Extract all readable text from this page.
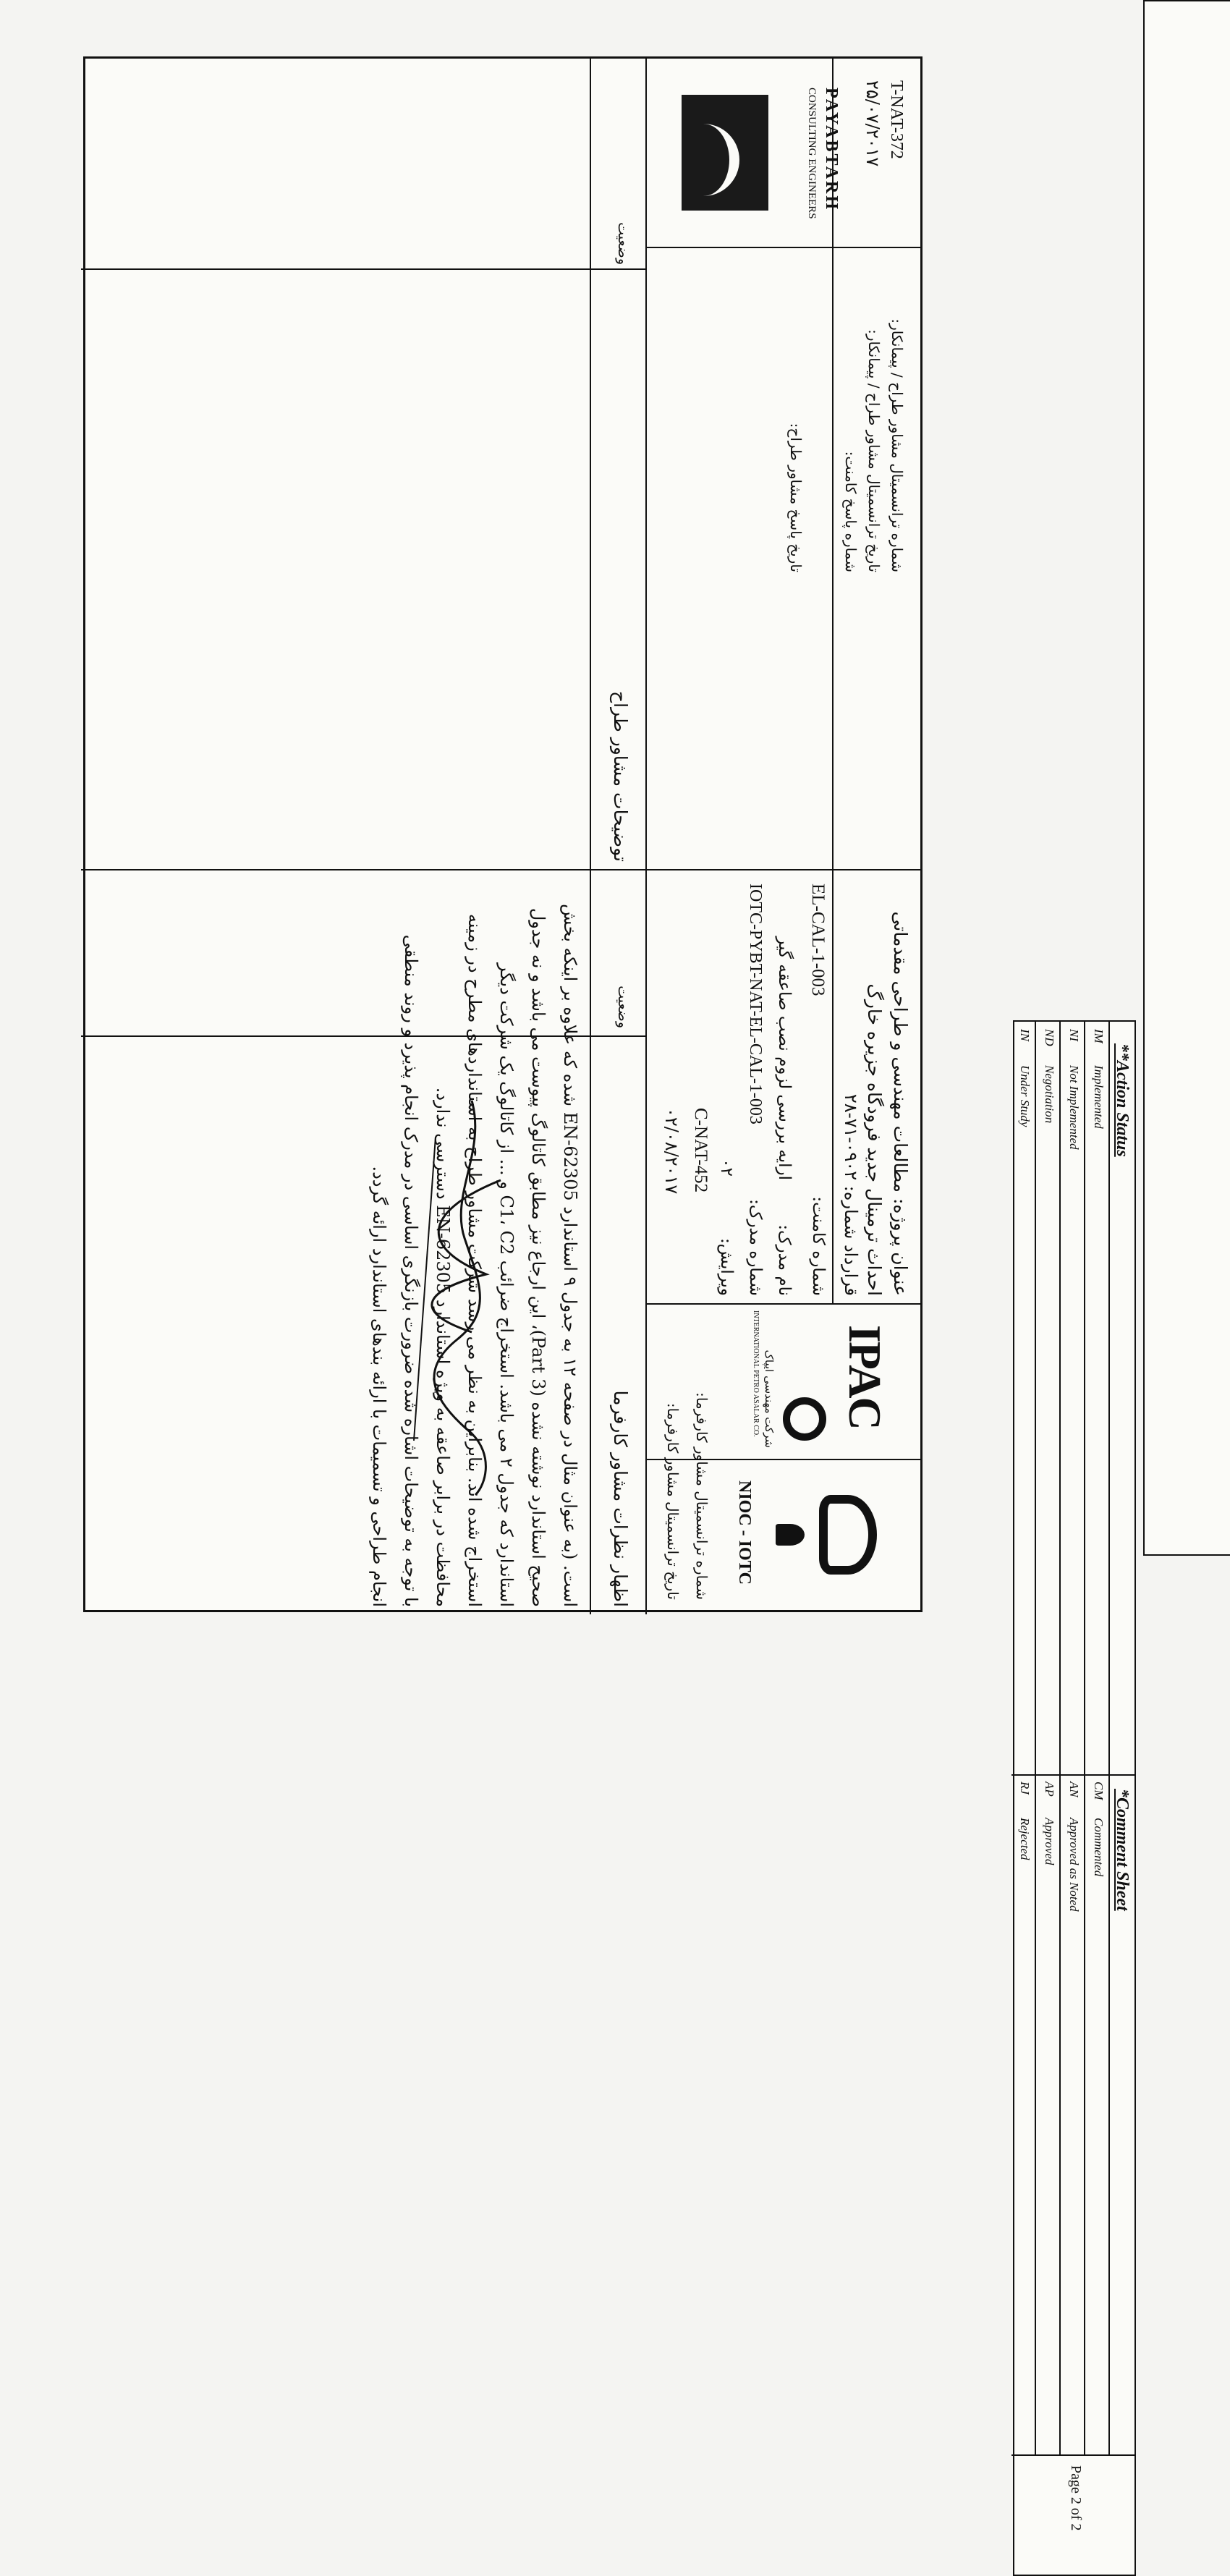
PAYABTARH
CONSULTING ENGINEERS
شماره ترانسمیتال مشاور طراح / پیمانکار:
T-NAT-372
تاریخ ترانسمیتال مشاور طراح / پیمانکار:
۲۵/۰۷/۲۰۱۷
شماره پاسخ کامنت:
تاریخ پاسخ مشاور طراح:
عنوان پروژه: مطالعات مهندسی و طراحی مقدماتی احداث ترمینال جدید فرودگاه جزیره خارگ
قرارداد شماره: ۰۹۰۲-۷۱-۲۸
شماره کامنت:
EL-CAL-1-003
نام مدرک:
ارایه بررسی لزوم نصب صاعقه گیر
شماره مدرک:
IOTC-PYBT-NAT-EL-CAL-1-003
ویرایش:
۰۲
IPAC
شرکت مهندسی ایپاک
INTERNATIONAL PETRO ASALAR CO.
شماره ترانسمیتال مشاور کارفرما:
C-NAT-452
تاریخ ترانسمیتال مشاور کارفرما:
۰۲/۰۸/۲۰۱۷
NIOC - IOTC
وضعیت
توضیحات مشاور طراح
وضعیت
اظهار نظرات مشاور کارفرما
است. (به عنوان مثال در صفحه ۱۲ به جدول ۹ استاندارد EN-62305 شده که علاوه بر اینکه بخش
صحیح استاندارد نوشته نشده (Part 3)، این ارجاع نیز مطابق کاتالوگ پیوست می باشد و نه جدول
استاندارد که جدول ۲ می باشد. استخراج ضرائب C1، C2 و ... از کاتالوگ یک شرکت دیگر
استخراج شده اند. بنابراین به نظر می رسد شرکت مشاور طراح به استانداردهای مطرح در زمینه
محافظت در برابر صاعقه به ویژه استاندارد EN-62305 دسترسی ندارد.
با توجه به توضیحات اشاره شده ضرورت بازنگری اساسی در مدرک انجام پذیرد و روند منطقی
انجام طراحی و تسمیمات با ارائه بندهای استاندارد ارائه گردد.
**Action Status
IM
Implemented
NI
Not Implemented
ND
Negotiation
IN
Under Study
*Comment Sheet
CM
Commented
AN
Approved as Noted
AP
Approved
RJ
Rejected
Page 2 of 2
